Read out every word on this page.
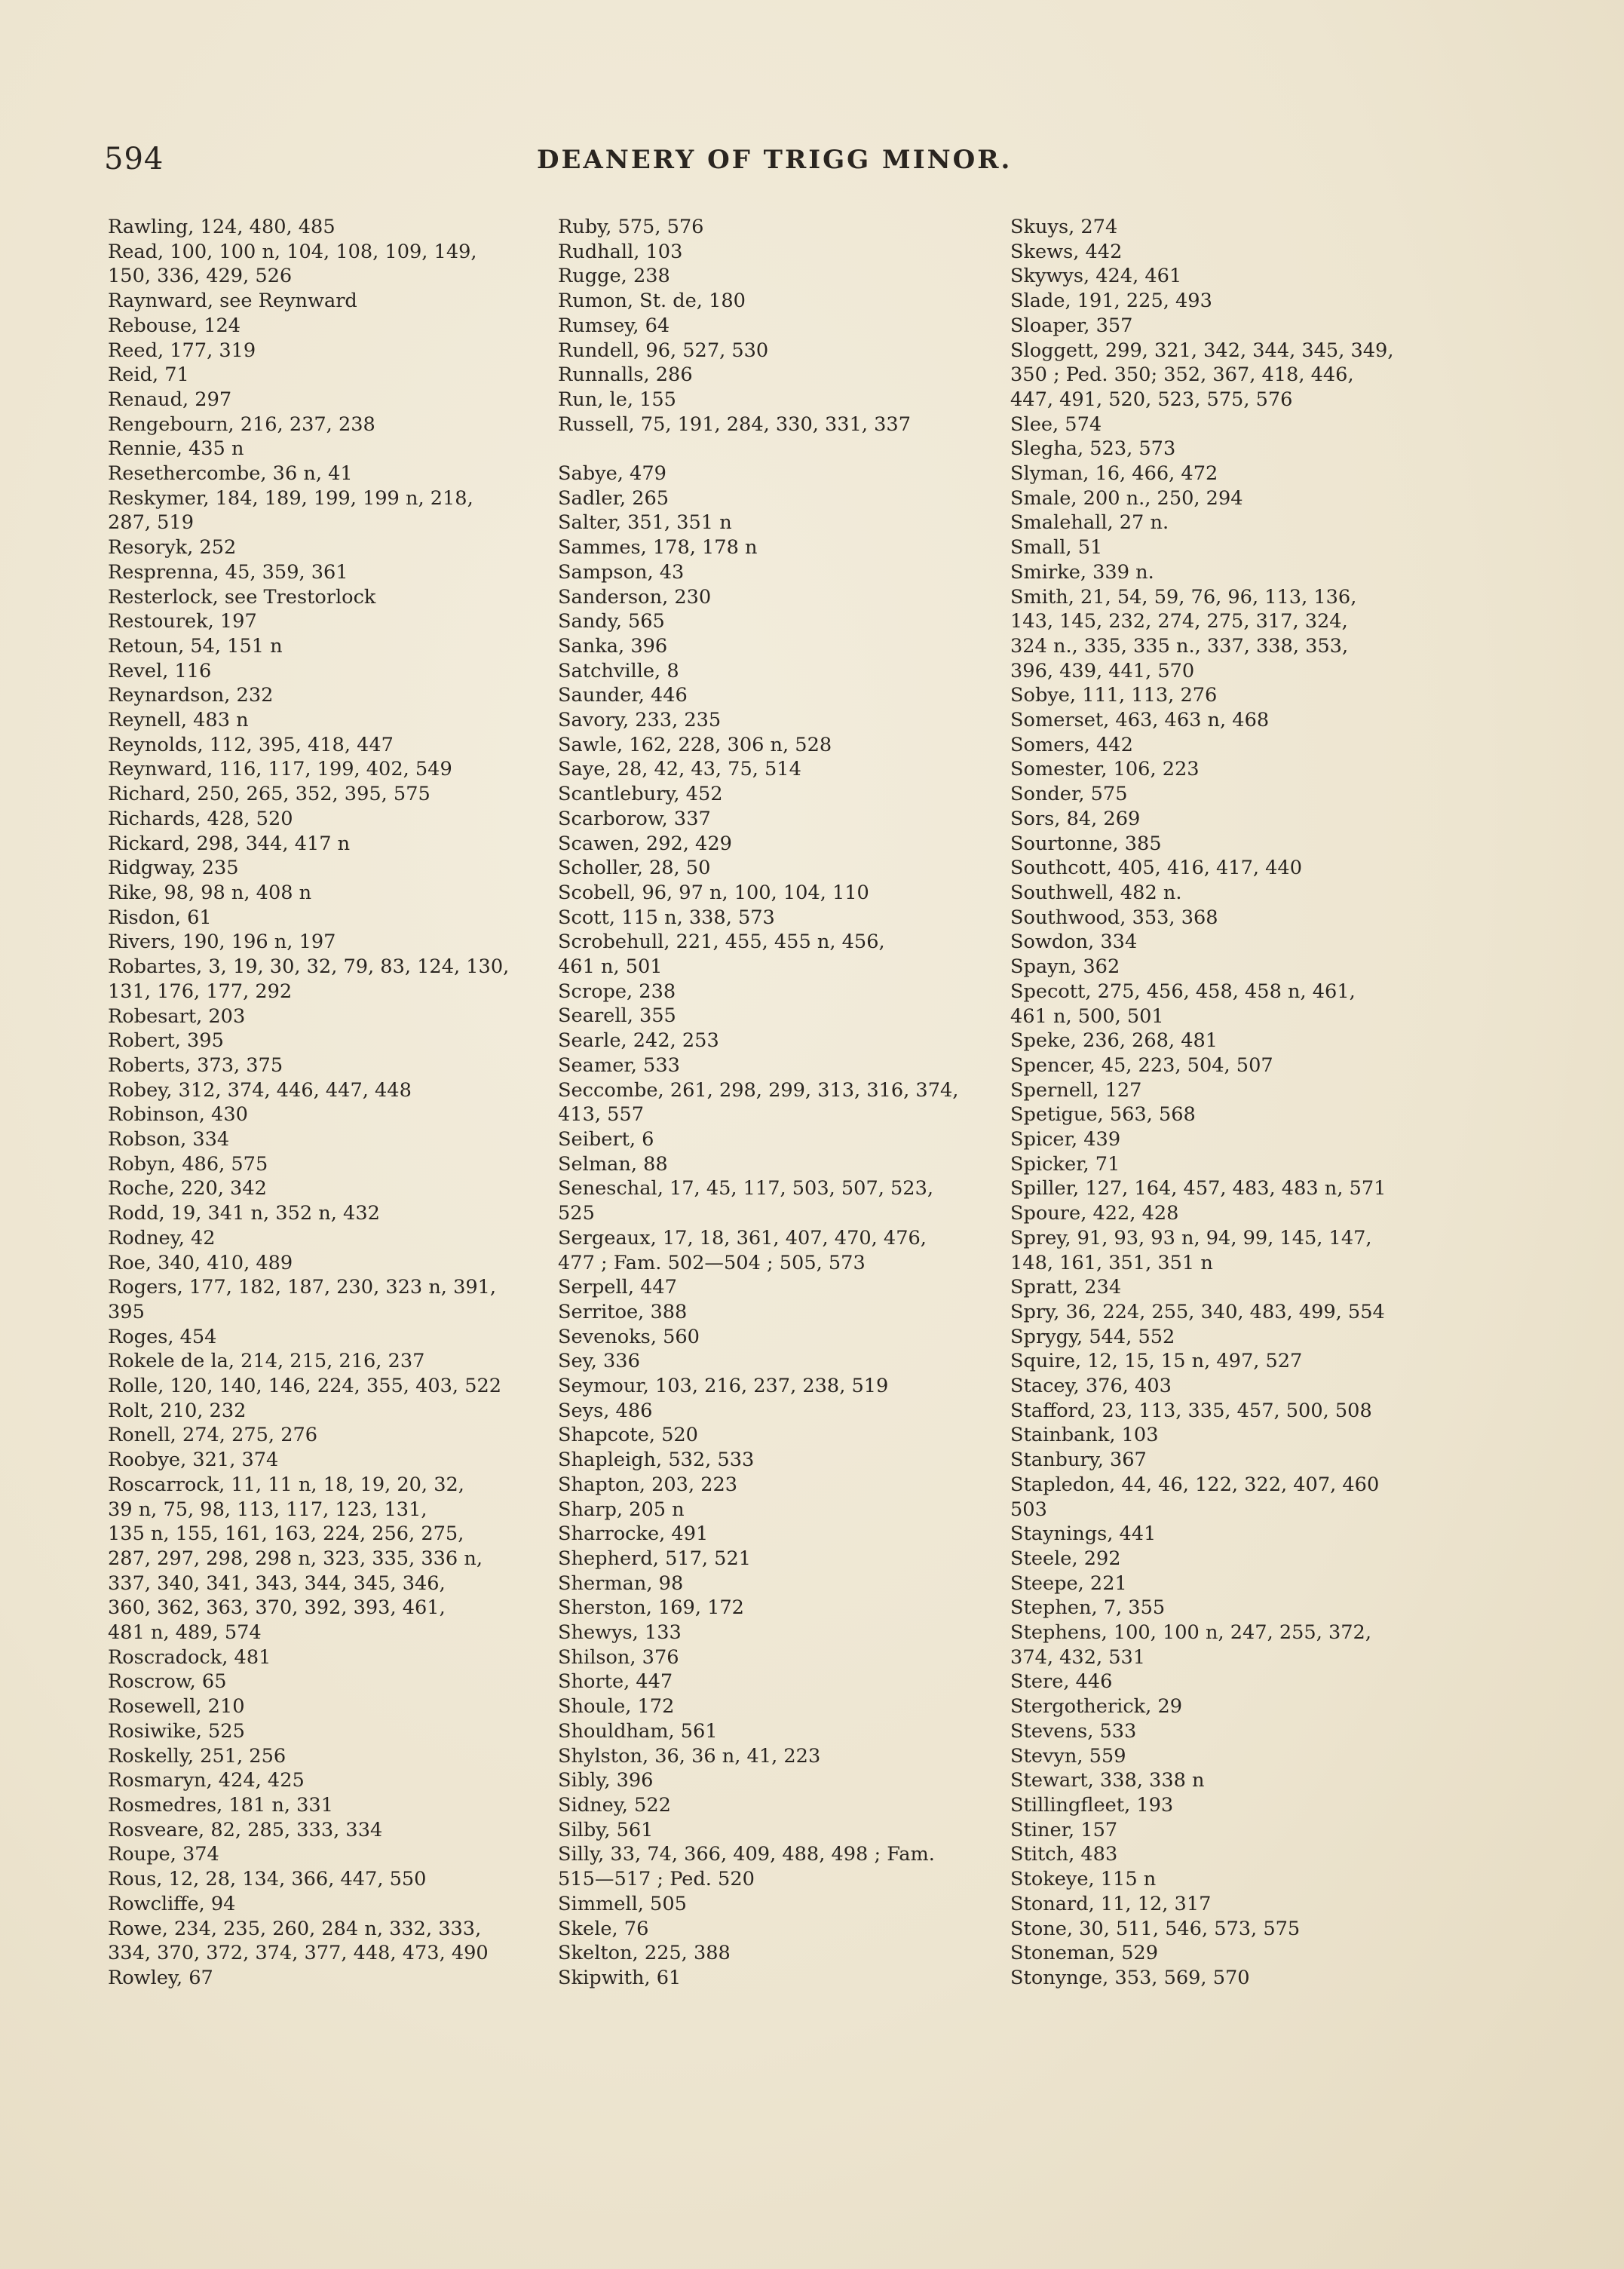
594	DEANERY OF TRIGG MINOR.
Rawling, 124, 480, 485
Read, 100, 100 n, 104, 108, 109, 149,
150, 336, 429, 526
Raynward, see Reynward
Rebouse, 124
Reed, 177, 319
Reid, 71
Renaud, 297
Rengebourn, 216, 237, 238
Rennie, 435 n
Resethercombe, 36 n, 41
Reskymer, 184, 189, 199, 199 n, 218,
287, 519
Resoryk, 252
Resprenna, 45, 359, 361
Resterlock, see Trestorlock
Restourek, 197
Retoun, 54, 151 n
Revel, 116
Reynardson, 232
Reynell, 483 n
Reynolds, 112, 395, 418, 447
Reynward, 116, 117, 199, 402, 549
Richard, 250, 265, 352, 395, 575
Richards, 428, 520
Rickard, 298, 344, 417 n
Ridgway, 235
Rike, 98, 98 n, 408 n
Risdon, 61
Rivers, 190, 196 n, 197
Robartes, 3, 19, 30, 32, 79, 83, 124, 130,
131, 176, 177, 292
Robesart, 203
Robert, 395
Roberts, 373, 375
Robey, 312, 374, 446, 447, 448
Robinson, 430
Robson, 334
Robyn, 486, 575
Roche, 220, 342
Rodd, 19, 341 n, 352 n, 432
Rodney, 42
Roe, 340, 410, 489
Rogers, 177, 182, 187, 230, 323 n, 391,
395
Roges, 454
Rokele de la, 214, 215, 216, 237
Rolle, 120, 140, 146, 224, 355, 403, 522
Rolt, 210, 232
Ronell, 274, 275, 276
Roobye, 321, 374
Roscarrock, 11, 11 n, 18, 19, 20, 32,
39 n, 75, 98, 113, 117, 123, 131,
135 n, 155, 161, 163, 224, 256, 275,
287, 297, 298, 298 n, 323, 335, 336 n,
337, 340, 341, 343, 344, 345, 346,
360, 362, 363, 370, 392, 393, 461,
481 n, 489, 574
Roscradock, 481
Roscrow, 65
Rosewell, 210
Rosiwike, 525
Roskelly, 251, 256
Rosmaryn, 424, 425
Rosmedres, 181 n, 331
Rosveare, 82, 285, 333, 334
Roupe, 374
Rous, 12, 28, 134, 366, 447, 550
Rowcliffe, 94
Rowe, 234, 235, 260, 284 n, 332, 333,
334, 370, 372, 374, 377, 448, 473, 490
Rowley, 67
Ruby, 575, 576
Rudhall, 103
Rugge, 238
Rumon, St. de, 180
Rumsey, 64
Rundell, 96, 527, 530
Runnalls, 286
Run, le, 155
Russell, 75, 191, 284, 330, 331, 337
Sabye, 479
Sadler, 265
Salter, 351, 351 n
Sammes, 178, 178 n
Sampson, 43
Sanderson, 230
Sandy, 565
Sanka, 396
Satchville, 8
Saunder, 446
Savory, 233, 235
Sawle, 162, 228, 306 n, 528
Saye, 28, 42, 43, 75, 514
Scantlebury, 452
Scarborow, 337
Scawen, 292, 429
Scholler, 28, 50
Scobell, 96, 97 n, 100, 104, 110
Scott, 115 n, 338, 573
Scrobehull, 221, 455, 455 n, 456,
461 n, 501
Scrope, 238
Searell, 355
Searle, 242, 253
Seamer, 533
Seccombe, 261, 298, 299, 313, 316, 374,
413, 557
Seibert, 6
Selman, 88
Seneschal, 17, 45, 117, 503, 507, 523,
525
Sergeaux, 17, 18, 361, 407, 470, 476,
477 ; Fam. 502—504 ; 505, 573
Serpell, 447
Serritoe, 388
Sevenoks, 560
Sey, 336
Seymour, 103, 216, 237, 238, 519
Seys, 486
Shapcote, 520
Shapleigh, 532, 533
Shapton, 203, 223
Sharp, 205 n
Sharrocke, 491
Shepherd, 517, 521
Sherman, 98
Sherston, 169, 172
Shewys, 133
Shilson, 376
Shorte, 447
Shoule, 172
Shouldham, 561
Shylston, 36, 36 n, 41, 223
Sibly, 396
Sidney, 522
Silby, 561
Silly, 33, 74, 366, 409, 488, 498 ; Fam.
515—517 ; Ped. 520
Simmell, 505
Skele, 76
Skelton, 225, 388
Skipwith, 61
Skuys, 274
Skews, 442
Skywys, 424, 461
Slade, 191, 225, 493
Sloaper, 357
Sloggett, 299, 321, 342, 344, 345, 349,
350 ; Ped. 350; 352, 367, 418, 446,
447, 491, 520, 523, 575, 576
Slee, 574
Slegha, 523, 573
Slyman, 16, 466, 472
Smale, 200 n., 250, 294
Smalehall, 27 n.
Small, 51
Smirke, 339 n.
Smith, 21, 54, 59, 76, 96, 113, 136,
143, 145, 232, 274, 275, 317, 324,
324 n., 335, 335 n., 337, 338, 353,
396, 439, 441, 570
Sobye, 111, 113, 276
Somerset, 463, 463 n, 468
Somers, 442
Somester, 106, 223
Sonder, 575
Sors, 84, 269
Sourtonne, 385
Southcott, 405, 416, 417, 440
Southwell, 482 n.
Southwood, 353, 368
Sowdon, 334
Spayn, 362
Specott, 275, 456, 458, 458 n, 461,
461 n, 500, 501
Speke, 236, 268, 481
Spencer, 45, 223, 504, 507
Spernell, 127
Spetigue, 563, 568
Spicer, 439
Spicker, 71
Spiller, 127, 164, 457, 483, 483 n, 571
Spoure, 422, 428
Sprey, 91, 93, 93 n, 94, 99, 145, 147,
148, 161, 351, 351 n
Spratt, 234
Spry, 36, 224, 255, 340, 483, 499, 554
Sprygy, 544, 552
Squire, 12, 15, 15 n, 497, 527
Stacey, 376, 403
Stafford, 23, 113, 335, 457, 500, 508
Stainbank, 103
Stanbury, 367
Stapledon, 44, 46, 122, 322, 407, 460
503
Staynings, 441
Steele, 292
Steepe, 221
Stephen, 7, 355
Stephens, 100, 100 n, 247, 255, 372,
374, 432, 531
Stere, 446
Stergotherick, 29
Stevens, 533
Stevyn, 559
Stewart, 338, 338 n
Stillingfleet, 193
Stiner, 157
Stitch, 483
Stokeye, 115 n
Stonard, 11, 12, 317
Stone, 30, 511, 546, 573, 575
Stoneman, 529
Stonynge, 353, 569, 570
